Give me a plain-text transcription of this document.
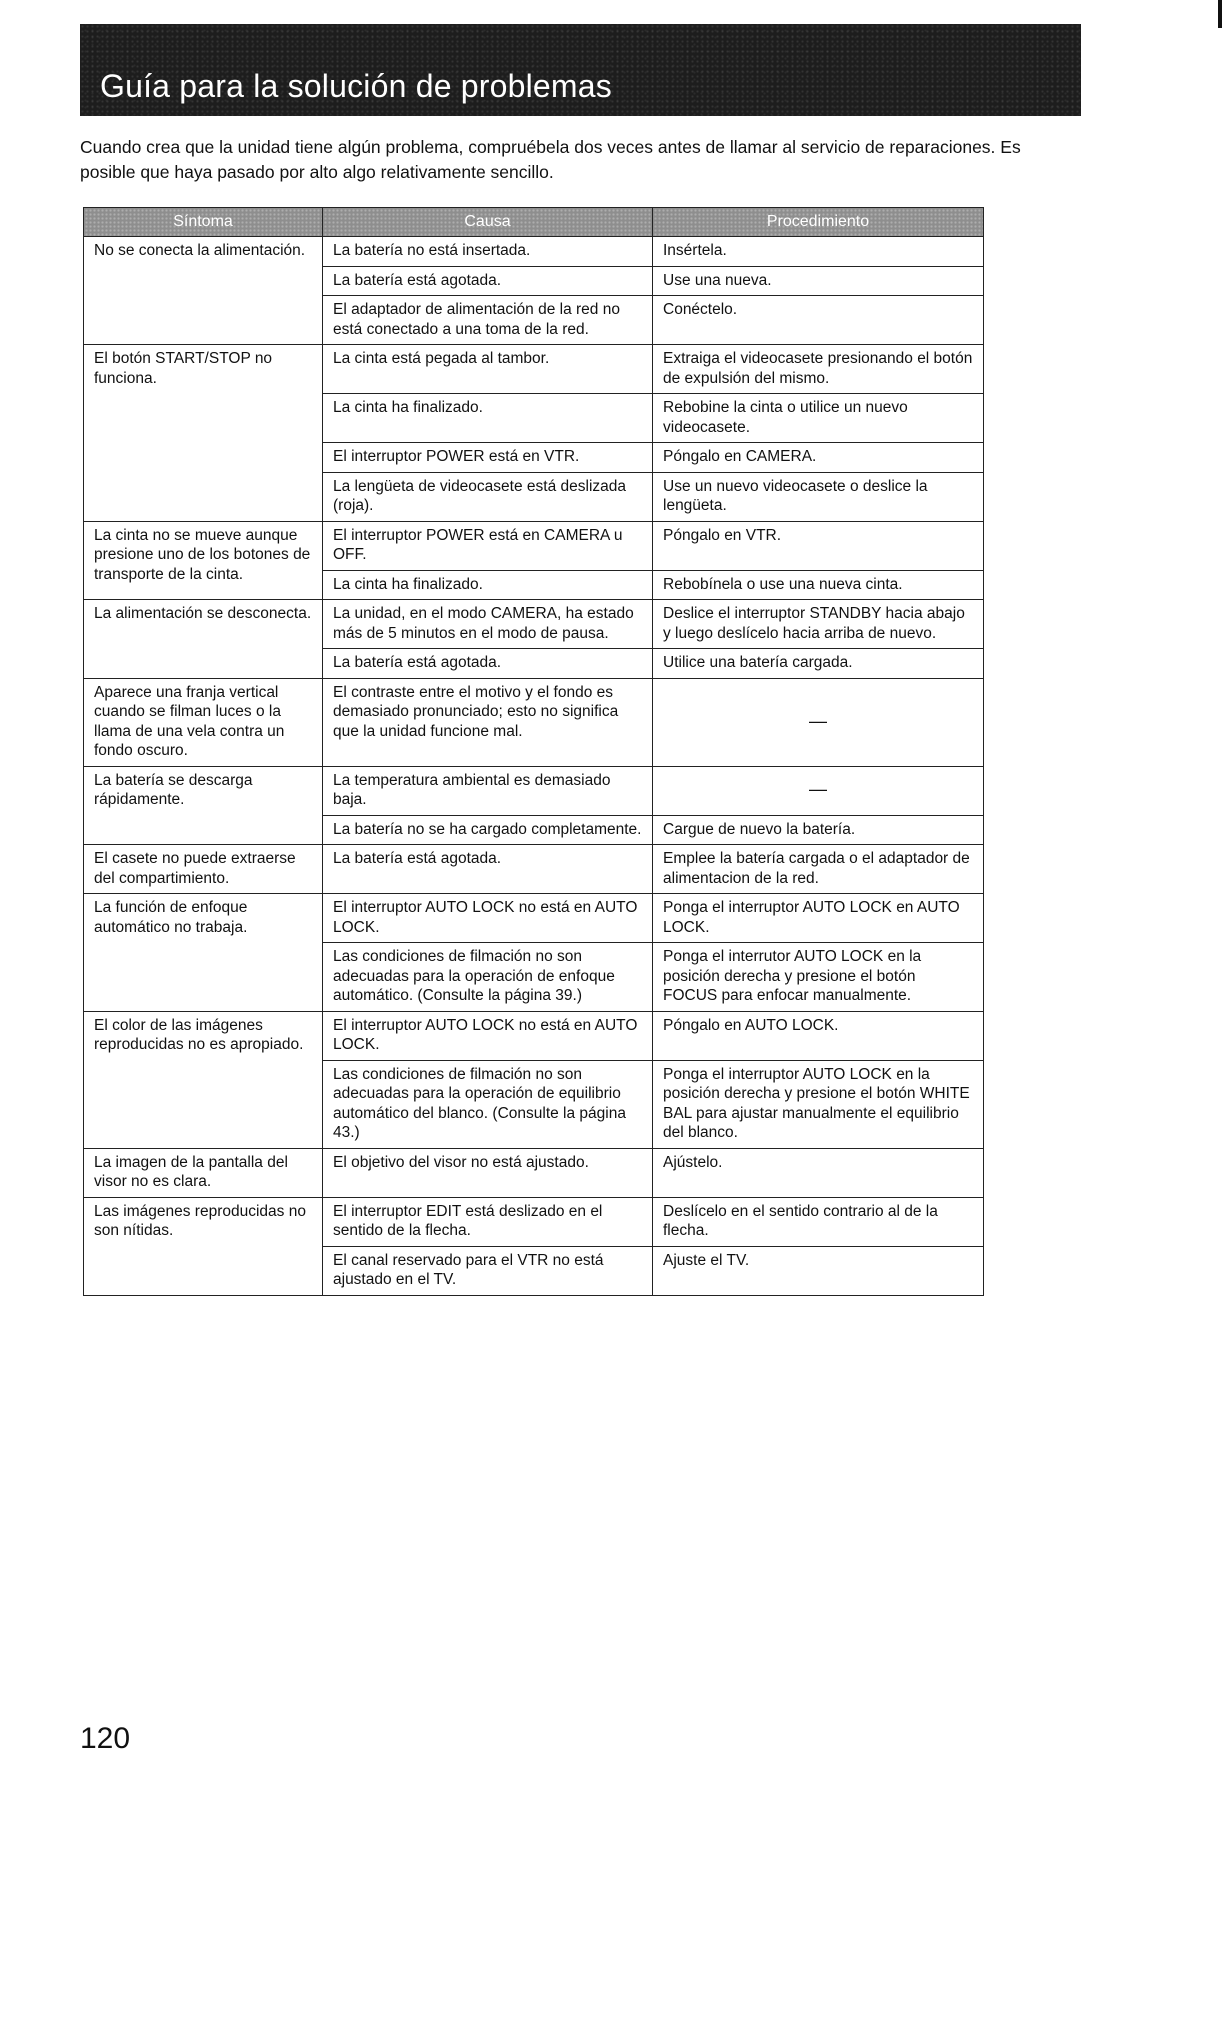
Guía para la solución de problemas

Cuando crea que la unidad tiene algún problema, compruébela dos veces antes de llamar al servicio de reparaciones. Es posible que haya pasado por alto algo relativamente sencillo.

Síntoma	Causa	Procedimiento
No se conecta la alimentación.	La batería no está insertada.	Insértela.
	La batería está agotada.	Use una nueva.
	El adaptador de alimentación de la red no está conectado a una toma de la red.	Conéctelo.
El botón START/STOP no funciona.	La cinta está pegada al tambor.	Extraiga el videocasete presionando el botón de expulsión del mismo.
	La cinta ha finalizado.	Rebobine la cinta o utilice un nuevo videocasete.
	El interruptor POWER está en VTR.	Póngalo en CAMERA.
	La lengüeta de videocasete está deslizada (roja).	Use un nuevo videocasete o deslice la lengüeta.
La cinta no se mueve aunque presione uno de los botones de transporte de la cinta.	El interruptor POWER está en CAMERA u OFF.	Póngalo en VTR.
	La cinta ha finalizado.	Rebobínela o use una nueva cinta.
La alimentación se desconecta.	La unidad, en el modo CAMERA, ha estado más de 5 minutos en el modo de pausa.	Deslice el interruptor STANDBY hacia abajo y luego deslícelo hacia arriba de nuevo.
	La batería está agotada.	Utilice una batería cargada.
Aparece una franja vertical cuando se filman luces o la llama de una vela contra un fondo oscuro.	El contraste entre el motivo y el fondo es demasiado pronunciado; esto no significa que la unidad funcione mal.	—
La batería se descarga rápidamente.	La temperatura ambiental es demasiado baja.	—
	La batería no se ha cargado completamente.	Cargue de nuevo la batería.
El casete no puede extraerse del compartimiento.	La batería está agotada.	Emplee la batería cargada o el adaptador de alimentacion de la red.
La función de enfoque automático no trabaja.	El interruptor AUTO LOCK no está en AUTO LOCK.	Ponga el interruptor AUTO LOCK en AUTO LOCK.
	Las condiciones de filmación no son adecuadas para la operación de enfoque automático. (Consulte la página 39.)	Ponga el interrutor AUTO LOCK en la posición derecha y presione el botón FOCUS para enfocar manualmente.
El color de las imágenes reproducidas no es apropiado.	El interruptor AUTO LOCK no está en AUTO LOCK.	Póngalo en AUTO LOCK.
	Las condiciones de filmación no son adecuadas para la operación de equilibrio automático del blanco. (Consulte la página 43.)	Ponga el interruptor AUTO LOCK en la posición derecha y presione el botón WHITE BAL para ajustar manualmente el equilibrio del blanco.
La imagen de la pantalla del visor no es clara.	El objetivo del visor no está ajustado.	Ajústelo.
Las imágenes reproducidas no son nítidas.	El interruptor EDIT está deslizado en el sentido de la flecha.	Deslícelo en el sentido contrario al de la flecha.
	El canal reservado para el VTR no está ajustado en el TV.	Ajuste el TV.
120
